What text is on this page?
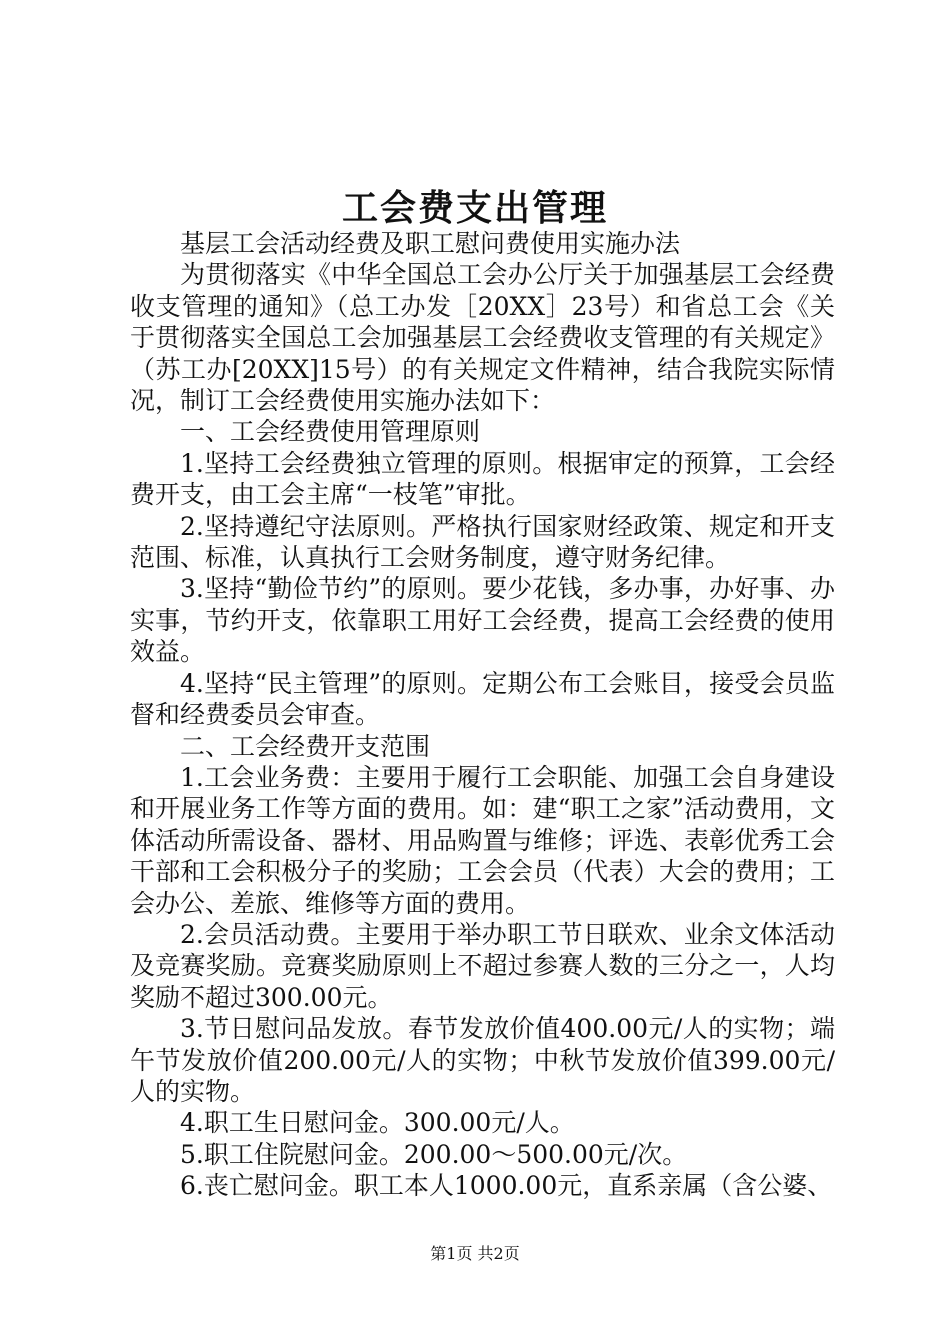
工会费支出管理

基层工会活动经费及职工慰问费使用实施办法

为贯彻落实《中华全国总工会办公厅关于加强基层工会经费收支管理的通知》（总工办发［20XX］23号）和省总工会《关于贯彻落实全国总工会加强基层工会经费收支管理的有关规定》（苏工办[20XX]15号）的有关规定文件精神，结合我院实际情况，制订工会经费使用实施办法如下：

一、工会经费使用管理原则

1.坚持工会经费独立管理的原则。根据审定的预算，工会经费开支，由工会主席“一枝笔”审批。

2.坚持遵纪守法原则。严格执行国家财经政策、规定和开支范围、标准，认真执行工会财务制度，遵守财务纪律。

3.坚持“勤俭节约”的原则。要少花钱，多办事，办好事、办实事，节约开支，依靠职工用好工会经费，提高工会经费的使用效益。

4.坚持“民主管理”的原则。定期公布工会账目，接受会员监督和经费委员会审查。

二、工会经费开支范围

1.工会业务费：主要用于履行工会职能、加强工会自身建设和开展业务工作等方面的费用。如：建“职工之家”活动费用，文体活动所需设备、器材、用品购置与维修；评选、表彰优秀工会干部和工会积极分子的奖励；工会会员（代表）大会的费用；工会办公、差旅、维修等方面的费用。

2.会员活动费。主要用于举办职工节日联欢、业余文体活动及竞赛奖励。竞赛奖励原则上不超过参赛人数的三分之一，人均奖励不超过300.00元。

3.节日慰问品发放。春节发放价值400.00元/人的实物；端午节发放价值200.00元/人的实物；中秋节发放价值399.00元/人的实物。

4.职工生日慰问金。300.00元/人。

5.职工住院慰问金。200.00～500.00元/次。

6.丧亡慰问金。职工本人1000.00元，直系亲属（含公婆、

第1页 共2页
